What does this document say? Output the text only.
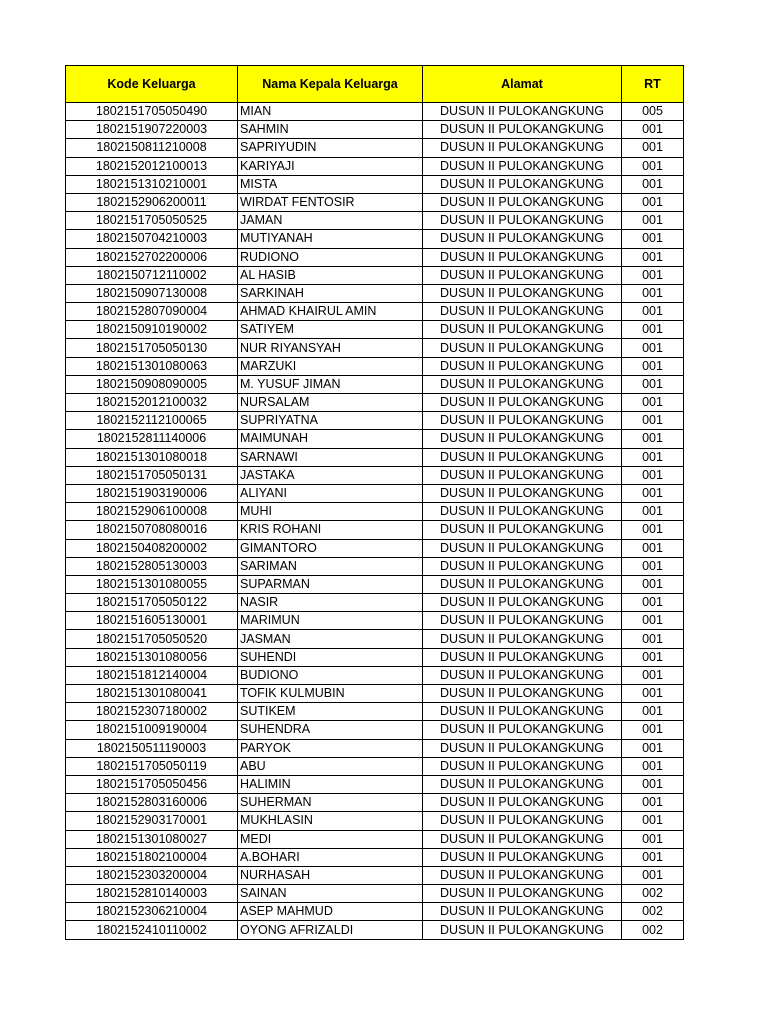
Kode Keluarga	Nama Kepala Keluarga	Alamat	RT
1802151705050490	MIAN	DUSUN II PULOKANGKUNG	005
1802151907220003	SAHMIN	DUSUN II PULOKANGKUNG	001
1802150811210008	SAPRIYUDIN	DUSUN II PULOKANGKUNG	001
1802152012100013	KARIYAJI	DUSUN II PULOKANGKUNG	001
1802151310210001	MISTA	DUSUN II PULOKANGKUNG	001
1802152906200011	WIRDAT FENTOSIR	DUSUN II PULOKANGKUNG	001
1802151705050525	JAMAN	DUSUN II PULOKANGKUNG	001
1802150704210003	MUTIYANAH	DUSUN II PULOKANGKUNG	001
1802152702200006	RUDIONO	DUSUN II PULOKANGKUNG	001
1802150712110002	AL HASIB	DUSUN II PULOKANGKUNG	001
1802150907130008	SARKINAH	DUSUN II PULOKANGKUNG	001
1802152807090004	AHMAD KHAIRUL AMIN	DUSUN II PULOKANGKUNG	001
1802150910190002	SATIYEM	DUSUN II PULOKANGKUNG	001
1802151705050130	NUR RIYANSYAH	DUSUN II PULOKANGKUNG	001
1802151301080063	MARZUKI	DUSUN II PULOKANGKUNG	001
1802150908090005	M. YUSUF JIMAN	DUSUN II PULOKANGKUNG	001
1802152012100032	NURSALAM	DUSUN II PULOKANGKUNG	001
1802152112100065	SUPRIYATNA	DUSUN II PULOKANGKUNG	001
1802152811140006	MAIMUNAH	DUSUN II PULOKANGKUNG	001
1802151301080018	SARNAWI	DUSUN II PULOKANGKUNG	001
1802151705050131	JASTAKA	DUSUN II PULOKANGKUNG	001
1802151903190006	ALIYANI	DUSUN II PULOKANGKUNG	001
1802152906100008	MUHI	DUSUN II PULOKANGKUNG	001
1802150708080016	KRIS ROHANI	DUSUN II PULOKANGKUNG	001
1802150408200002	GIMANTORO	DUSUN II PULOKANGKUNG	001
1802152805130003	SARIMAN	DUSUN II PULOKANGKUNG	001
1802151301080055	SUPARMAN	DUSUN II PULOKANGKUNG	001
1802151705050122	NASIR	DUSUN II PULOKANGKUNG	001
1802151605130001	MARIMUN	DUSUN II PULOKANGKUNG	001
1802151705050520	JASMAN	DUSUN II PULOKANGKUNG	001
1802151301080056	SUHENDI	DUSUN II PULOKANGKUNG	001
1802151812140004	BUDIONO	DUSUN II PULOKANGKUNG	001
1802151301080041	TOFIK KULMUBIN	DUSUN II PULOKANGKUNG	001
1802152307180002	SUTIKEM	DUSUN II PULOKANGKUNG	001
1802151009190004	SUHENDRA	DUSUN II PULOKANGKUNG	001
1802150511190003	PARYOK	DUSUN II PULOKANGKUNG	001
1802151705050119	ABU	DUSUN II PULOKANGKUNG	001
1802151705050456	HALIMIN	DUSUN II PULOKANGKUNG	001
1802152803160006	SUHERMAN	DUSUN II PULOKANGKUNG	001
1802152903170001	MUKHLASIN	DUSUN II PULOKANGKUNG	001
1802151301080027	MEDI	DUSUN II PULOKANGKUNG	001
1802151802100004	A.BOHARI	DUSUN II PULOKANGKUNG	001
1802152303200004	NURHASAH	DUSUN II PULOKANGKUNG	001
1802152810140003	SAINAN	DUSUN II PULOKANGKUNG	002
1802152306210004	ASEP MAHMUD	DUSUN II PULOKANGKUNG	002
1802152410110002	OYONG AFRIZALDI	DUSUN II PULOKANGKUNG	002
